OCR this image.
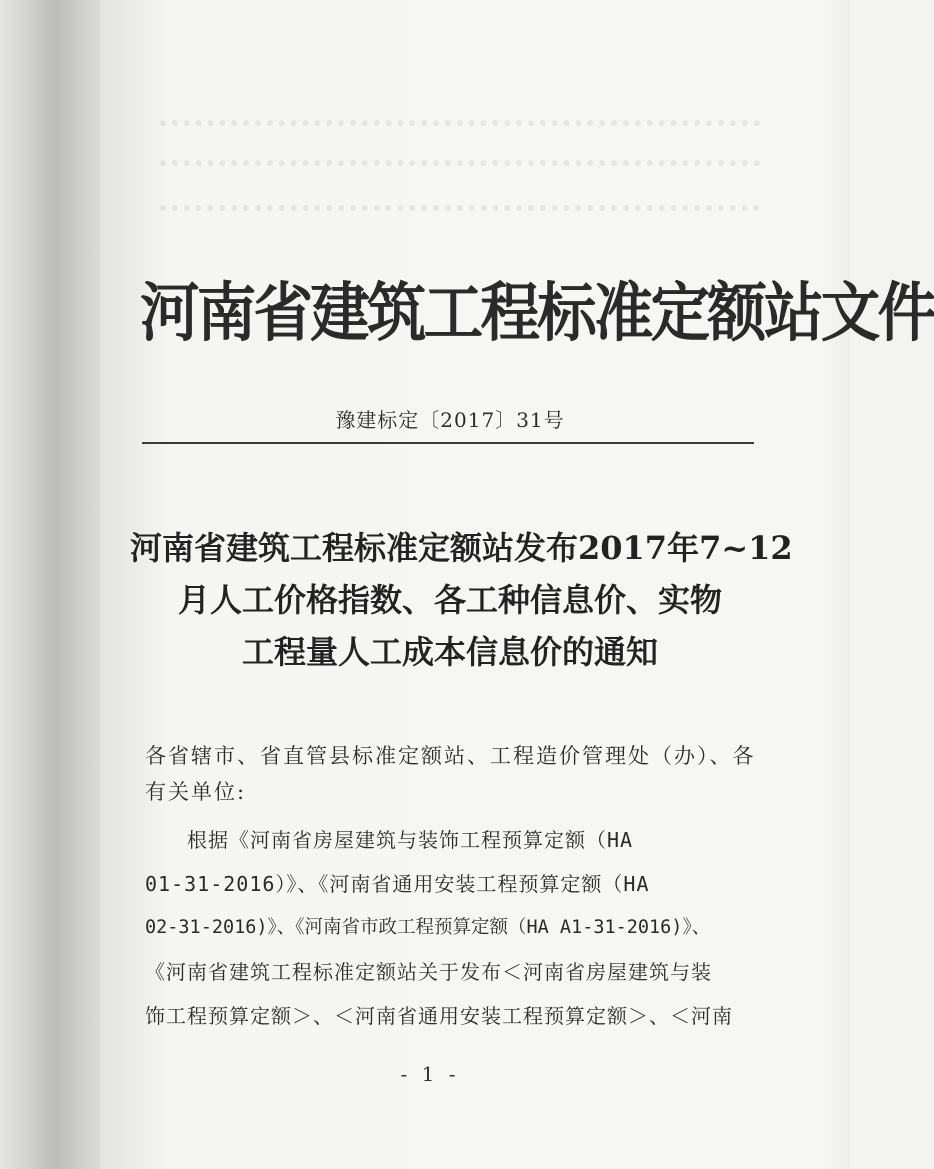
河南省建筑工程标准定额站文件
豫建标定〔2017〕31号
河南省建筑工程标准定额站发布2017年7~12
月人工价格指数、各工种信息价、实物
工程量人工成本信息价的通知
各省辖市、省直管县标准定额站、工程造价管理处（办）、各有关单位:
根据《河南省房屋建筑与装饰工程预算定额（HA
01-31-2016）》、《河南省通用安装工程预算定额（HA
02-31-2016)》、《河南省市政工程预算定额（HA A1-31-2016)》、
《河南省建筑工程标准定额站关于发布＜河南省房屋建筑与装
饰工程预算定额＞、＜河南省通用安装工程预算定额＞、＜河南
- 1 -
